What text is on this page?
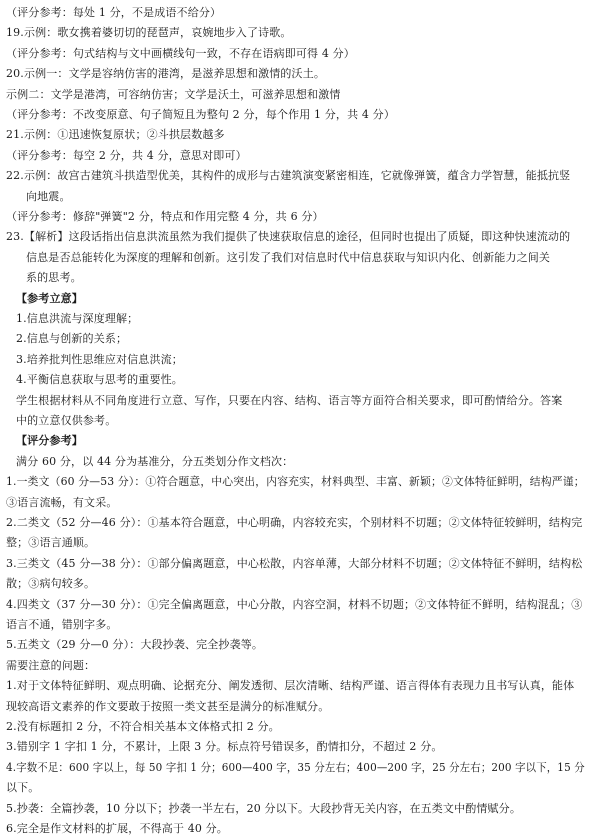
（评分参考：每处 1 分，不是成语不给分）
19.示例：歌女携着婆切切的琵琶声，哀婉地步入了诗歌。
（评分参考：句式结构与文中画横线句一致，不存在语病即可得 4 分）
20.示例一：文学是容纳仿害的港湾，是滋养思想和激情的沃土。
示例二：文学是港湾，可容纳仿害；文学是沃土，可滋养思想和激情
（评分参考：不改变原意、句子简短且为整句 2 分，每个作用 1 分，共 4 分）
21.示例：①迅速恢复原状；②斗拱层数越多
（评分参考：每空 2 分，共 4 分，意思对即可）
22.示例：故宫古建筑斗拱造型优美，其构件的成形与古建筑演变紧密相连，它就像弹簧，蕴含力学智慧，能抵抗竖
向地震。
（评分参考：修辞"弹簧"2 分，特点和作用完整 4 分，共 6 分）
23.【解析】这段话指出信息洪流虽然为我们提供了快速获取信息的途径，但同时也提出了质疑，即这种快速流动的
信息是否总能转化为深度的理解和创新。这引发了我们对信息时代中信息获取与知识内化、创新能力之间关
系的思考。
【参考立意】
1.信息洪流与深度理解；
2.信息与创新的关系；
3.培养批判性思维应对信息洪流；
4.平衡信息获取与思考的重要性。
学生根据材料从不同角度进行立意、写作，只要在内容、结构、语言等方面符合相关要求，即可酌情给分。答案
中的立意仅供参考。
【评分参考】
满分 60 分，以 44 分为基准分，分五类划分作文档次：
1.一类文（60 分—53 分）：①符合题意，中心突出，内容充实，材料典型、丰富、新颖；②文体特征鲜明，结构严谨；
③语言流畅，有文采。
2.二类文（52 分—46 分）：①基本符合题意，中心明确，内容较充实，个别材料不切题；②文体特征较鲜明，结构完
整；③语言通顺。
3.三类文（45 分—38 分）：①部分偏离题意，中心松散，内容单薄，大部分材料不切题；②文体特征不鲜明，结构松
散；③病句较多。
4.四类文（37 分—30 分）：①完全偏离题意，中心分散，内容空洞，材料不切题；②文体特征不鲜明，结构混乱；③
语言不通，错别字多。
5.五类文（29 分—0 分）：大段抄袭、完全抄袭等。
需要注意的问题：
1.对于文体特征鲜明、观点明确、论据充分、阐发透彻、层次清晰、结构严谨、语言得体有表现力且书写认真，能体
现较高语文素养的作文要敢于按照一类文甚至是满分的标准赋分。
2.没有标题扣 2 分，不符合相关基本文体格式扣 2 分。
3.错别字 1 字扣 1 分，不累计，上限 3 分。标点符号错误多，酌情扣分，不超过 2 分。
4.字数不足：600 字以上，每 50 字扣 1 分；600—400 字，35 分左右；400—200 字，25 分左右；200 字以下，15 分
以下。
5.抄袭：全篇抄袭，10 分以下；抄袭一半左右，20 分以下。大段抄背无关内容，在五类文中酌情赋分。
6.完全是作文材料的扩展，不得高于 40 分。
